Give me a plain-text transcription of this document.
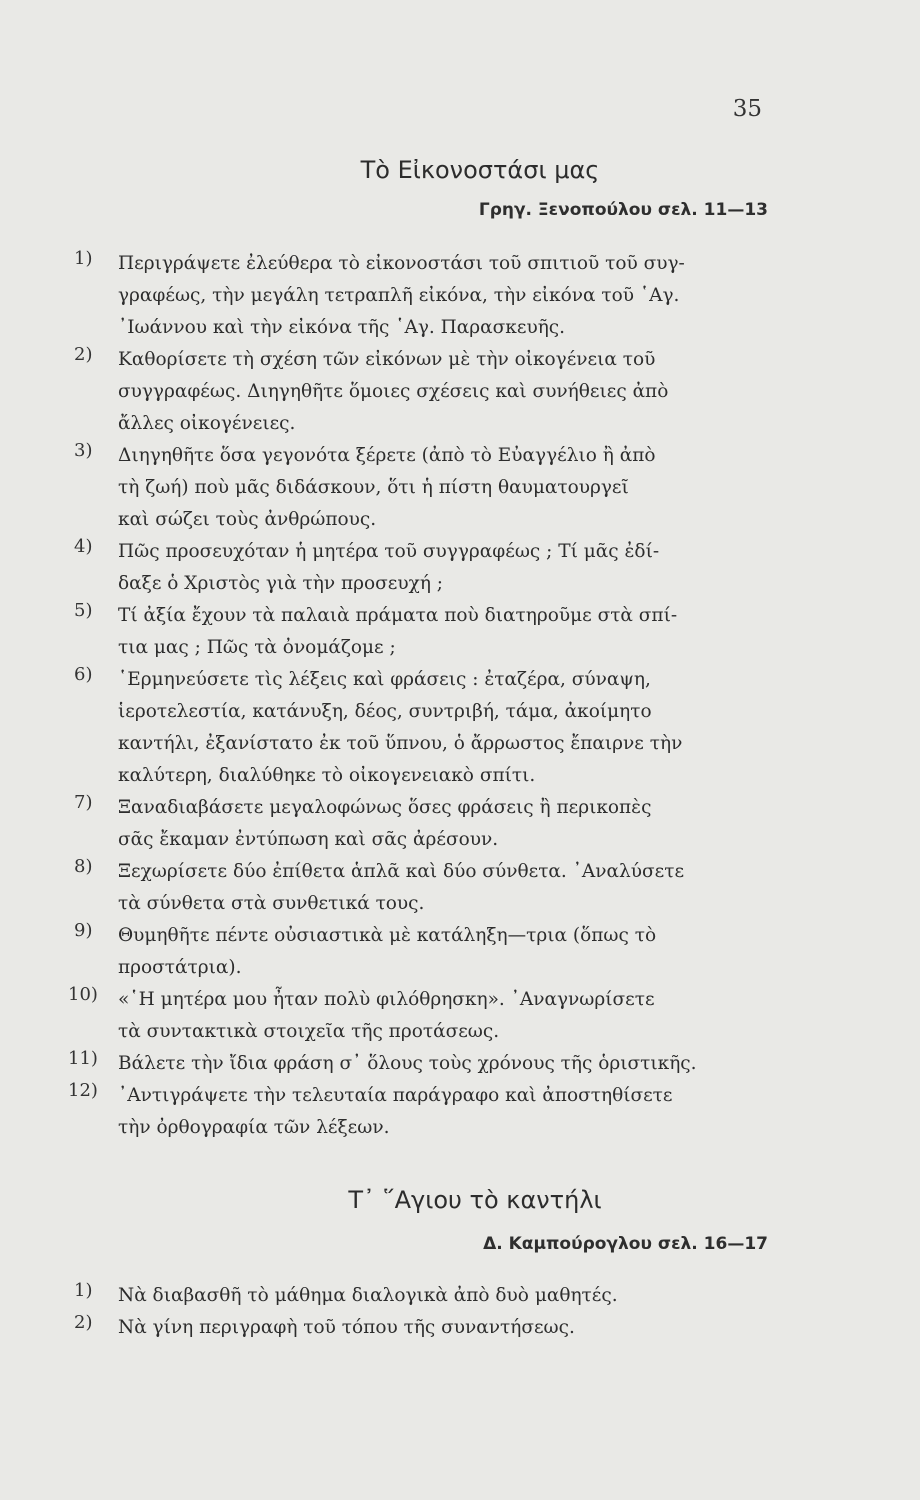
35
Τὸ Εἰκονοστάσι μας
Γρηγ. Ξενοπούλου σελ. 11—13
1) Περιγράψετε ἐλεύθερα τὸ εἰκονοστάσι τοῦ σπιτιοῦ τοῦ συγ-
γραφέως, τὴν μεγάλη τετραπλῆ εἰκόνα, τὴν εἰκόνα τοῦ ῾Αγ.
᾽Ιωάννου καὶ τὴν εἰκόνα τῆς ῾Αγ. Παρασκευῆς.
2) Καθορίσετε τὴ σχέση τῶν εἰκόνων μὲ τὴν οἰκογένεια τοῦ
συγγραφέως. Διηγηθῆτε ὅμοιες σχέσεις καὶ συνήθειες ἀπὸ
ἄλλες οἰκογένειες.
3) Διηγηθῆτε ὅσα γεγονότα ξέρετε (ἀπὸ τὸ Εὐαγγέλιο ἢ ἀπὸ
τὴ ζωή) ποὺ μᾶς διδάσκουν, ὅτι ἡ πίστη θαυματουργεῖ
καὶ σώζει τοὺς ἀνθρώπους.
4) Πῶς προσευχόταν ἡ μητέρα τοῦ συγγραφέως ; Τί μᾶς ἐδί-
δαξε ὁ Χριστὸς γιὰ τὴν προσευχή ;
5) Τί ἀξία ἔχουν τὰ παλαιὰ πράματα ποὺ διατηροῦμε στὰ σπί-
τια μας ; Πῶς τὰ ὀνομάζομε ;
6) ῾Ερμηνεύσετε τὶς λέξεις καὶ φράσεις : ἐταζέρα, σύναψη,
ἱεροτελεστία, κατάνυξη, δέος, συντριβή, τάμα, ἀκοίμητο
καντήλι, ἐξανίστατο ἐκ τοῦ ὕπνου, ὁ ἄρρωστος ἔπαιρνε τὴν
καλύτερη, διαλύθηκε τὸ οἰκογενειακὸ σπίτι.
7) Ξαναδιαβάσετε μεγαλοφώνως ὅσες φράσεις ἢ περικοπὲς
σᾶς ἔκαμαν ἐντύπωση καὶ σᾶς ἀρέσουν.
8) Ξεχωρίσετε δύο ἐπίθετα ἁπλᾶ καὶ δύο σύνθετα. ᾽Αναλύσετε
τὰ σύνθετα στὰ συνθετικά τους.
9) Θυμηθῆτε πέντε οὐσιαστικὰ μὲ κατάληξη—τρια (ὅπως τὸ
προστάτρια).
10) «῾Η μητέρα μου ἦταν πολὺ φιλόθρησκη». ᾽Αναγνωρίσετε
τὰ συντακτικὰ στοιχεῖα τῆς προτάσεως.
11) Βάλετε τὴν ἴδια φράση σ᾽ ὅλους τοὺς χρόνους τῆς ὁριστικῆς.
12) ᾽Αντιγράψετε τὴν τελευταία παράγραφο καὶ ἀποστηθίσετε
τὴν ὀρθογραφία τῶν λέξεων.
Τ᾽ ῞Αγιου τὸ καντήλι
Δ. Καμπούρογλου σελ. 16—17
1) Νὰ διαβασθῆ τὸ μάθημα διαλογικὰ ἀπὸ δυὸ μαθητές.
2) Νὰ γίνη περιγραφὴ τοῦ τόπου τῆς συναντήσεως.
